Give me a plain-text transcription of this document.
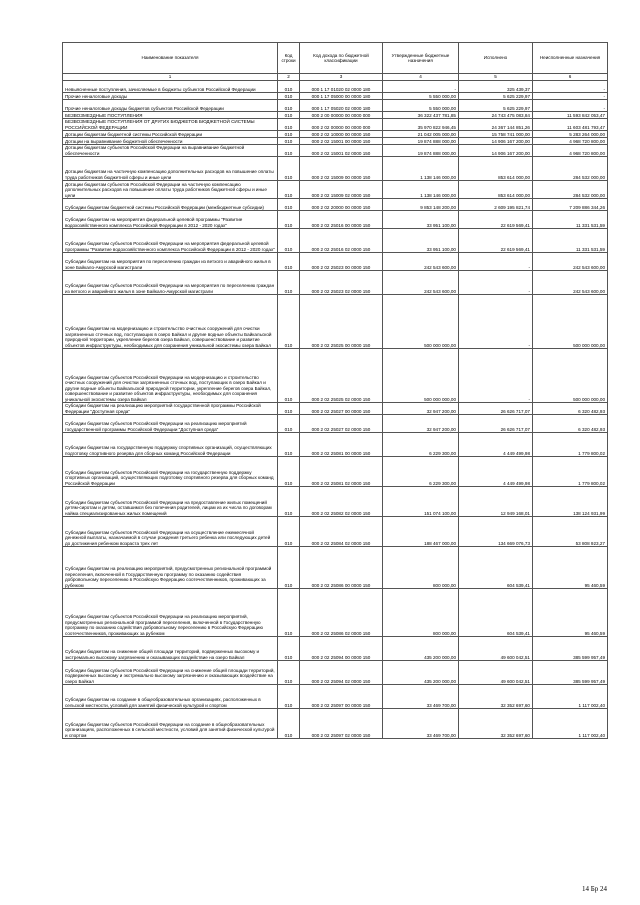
Наименование показателя	Код строки	Код дохода по бюджетной классификации	Утвержденные бюджетные назначения	Исполнено	Неисполненные назначения
1	2	3	4	5	6
Невыясненные поступления, зачисляемые в бюджеты субъектов Российской Федерации	010	000 1 17 01020 02 0000 180	-	325 439,37	-
Прочие неналоговые доходы	010	000 1 17 05000 00 0000 180	5 550 000,00	5 625 229,97	-
Прочие неналоговые доходы бюджетов субъектов Российской Федерации	010	000 1 17 05020 02 0000 180	5 550 000,00	5 625 229,97	-
БЕЗВОЗМЕЗДНЫЕ ПОСТУПЛЕНИЯ	010	000 2 00 00000 00 0000 000	36 322 437 781,85	24 743 475 083,84	11 593 842 053,47
БЕЗВОЗМЕЗДНЫЕ ПОСТУПЛЕНИЯ ОТ ДРУГИХ БЮДЖЕТОВ БЮДЖЕТНОЙ СИСТЕМЫ РОССИЙСКОЙ ФЕДЕРАЦИИ	010	000 2 02 00000 00 0000 000	35 970 822 946,45	24 367 144 851,26	11 603 481 793,47
Дотации бюджетам бюджетной системы Российской Федерации	010	000 2 02 10000 00 0000 150	21 042 005 000,00	15 758 741 000,00	5 283 264 000,00
Дотации на выравнивание бюджетной обеспеченности	010	000 2 02 15001 00 0000 150	19 874 888 000,00	14 906 167 200,00	4 968 720 800,00
Дотации бюджетам субъектов Российской Федерации на выравнивание бюджетной обеспеченности	010	000 2 02 15001 02 0000 150	19 874 888 000,00	14 906 167 200,00	4 968 720 800,00
Дотации бюджетам на частичную компенсацию дополнительных расходов на повышение оплаты труда работников бюджетной сферы и иные цели	010	000 2 02 15009 00 0000 150	1 138 146 000,00	853 614 000,00	284 532 000,00
Дотации бюджетам субъектов Российской Федерации на частичную компенсацию дополнительных расходов на повышение оплаты труда работников бюджетной сферы и иные цели	010	000 2 02 15009 02 0000 150	1 138 146 000,00	853 614 000,00	284 532 000,00
Субсидии бюджетам бюджетной системы Российской Федерации (межбюджетные субсидии)	010	000 2 02 20000 00 0000 150	9 853 148 200,00	2 609 195 821,74	7 209 886 344,26
Субсидии бюджетам на мероприятия федеральной целевой программы "Развитие водохозяйственного комплекса Российской Федерации в 2012 - 2020 годах"	010	000 2 02 25016 00 0000 150	33 951 100,00	22 619 569,41	11 331 531,59
Субсидии бюджетам субъектов Российской Федерации на мероприятия федеральной целевой программы "Развитие водохозяйственного комплекса Российской Федерации в 2012 - 2020 годах"	010	000 2 02 25016 02 0000 150	33 951 100,00	22 619 569,41	11 331 531,59
Субсидии бюджетам на мероприятия по переселению граждан из ветхого и аварийного жилья в зоне Байкало-Амурской магистрали	010	000 2 02 25023 00 0000 150	242 543 600,00	-	242 543 600,00
Субсидии бюджетам субъектов Российской Федерации на мероприятия по переселению граждан из ветхого и аварийного жилья в зоне Байкало-Амурской магистрали	010	000 2 02 25023 02 0000 150	242 543 600,00	-	242 543 600,00
Субсидии бюджетам на модернизацию и строительство очистных сооружений для очистки загрязненных сточных вод, поступающих в озеро Байкал и другие водные объекты Байкальской природной территории, укрепление берегов озера Байкал, совершенствование и развитие объектов инфраструктуры, необходимых для сохранения уникальной экосистемы озера Байкал	010	000 2 02 25025 00 0000 150	500 000 000,00	-	500 000 000,00
Субсидии бюджетам субъектов Российской Федерации на модернизацию и строительство очистных сооружений для очистки загрязненных сточных вод, поступающих в озеро Байкал и другие водные объекты Байкальской природной территории, укрепление берегов озера Байкал, совершенствование и развитие объектов инфраструктуры, необходимых для сохранения уникальной экосистемы озера Байкал	010	000 2 02 25025 02 0000 150	500 000 000,00	-	500 000 000,00
Субсидии бюджетам на реализацию мероприятий государственной программы Российской Федерации "Доступная среда"	010	000 2 02 25027 00 0000 150	32 947 200,00	26 626 717,07	6 320 482,93
Субсидии бюджетам субъектов Российской Федерации на реализацию мероприятий государственной программы Российской Федерации "Доступная среда"	010	000 2 02 25027 02 0000 150	32 947 200,00	26 626 717,07	6 320 482,93
Субсидии бюджетам на государственную поддержку спортивных организаций, осуществляющих подготовку спортивного резерва для сборных команд Российской Федерации	010	000 2 02 25081 00 0000 150	6 229 300,00	4 449 499,98	1 779 800,02
Субсидии бюджетам субъектов Российской Федерации на государственную поддержку спортивных организаций, осуществляющих подготовку спортивного резерва для сборных команд Российской Федерации	010	000 2 02 25081 02 0000 150	6 229 300,00	4 449 499,98	1 779 800,02
Субсидии бюджетам субъектов Российской Федерации на предоставление жилых помещений детям-сиротам и детям, оставшимся без попечения родителей, лицам из их числа по договорам найма специализированных жилых помещений	010	000 2 02 25082 02 0000 150	151 074 100,00	12 949 168,01	138 124 931,99
Субсидии бюджетам субъектов Российской Федерации на осуществление ежемесячной денежной выплаты, назначаемой в случае рождения третьего ребенка или последующих детей до достижения ребенком возраста трех лет	010	000 2 02 25084 02 0000 150	188 467 000,00	134 669 076,73	53 808 923,27
Субсидии бюджетам на реализацию мероприятий, предусмотренных региональной программой переселения, включенной в Государственную программу по оказанию содействия добровольному переселению в Российскую Федерацию соотечественников, проживающих за рубежом	010	000 2 02 25086 00 0000 150	800 000,00	604 539,41	95 460,59
Субсидии бюджетам субъектов Российской Федерации на реализацию мероприятий, предусмотренных региональной программой переселения, включенной в Государственную программу по оказанию содействия добровольному переселению в Российскую Федерацию соотечественников, проживающих за рубежом	010	000 2 02 25086 02 0000 150	800 000,00	604 539,41	95 460,59
Субсидии бюджетам на снижение общей площади территорий, подверженных высокому и экстремально высокому загрязнению и оказывающих воздействие на озеро Байкал	010	000 2 02 25094 00 0000 150	435 200 000,00	49 600 042,51	385 599 957,49
Субсидии бюджетам субъектов Российской Федерации на снижение общей площади территорий, подверженных высокому и экстремально высокому загрязнению и оказывающих воздействие на озеро Байкал	010	000 2 02 25094 02 0000 150	435 200 000,00	49 600 042,51	385 599 957,49
Субсидии бюджетам на создание в общеобразовательных организациях, расположенных в сельской местности, условий для занятий физической культурой и спортом	010	000 2 02 25097 00 0000 150	33 469 700,00	32 352 697,60	1 117 002,40
Субсидии бюджетам субъектов Российской Федерации на создание в общеобразовательных организациях, расположенных в сельской местности, условий для занятий физической культурой и спортом	010	000 2 02 25097 02 0000 150	33 469 700,00	32 352 697,60	1 117 002,40
14 Бр 24
